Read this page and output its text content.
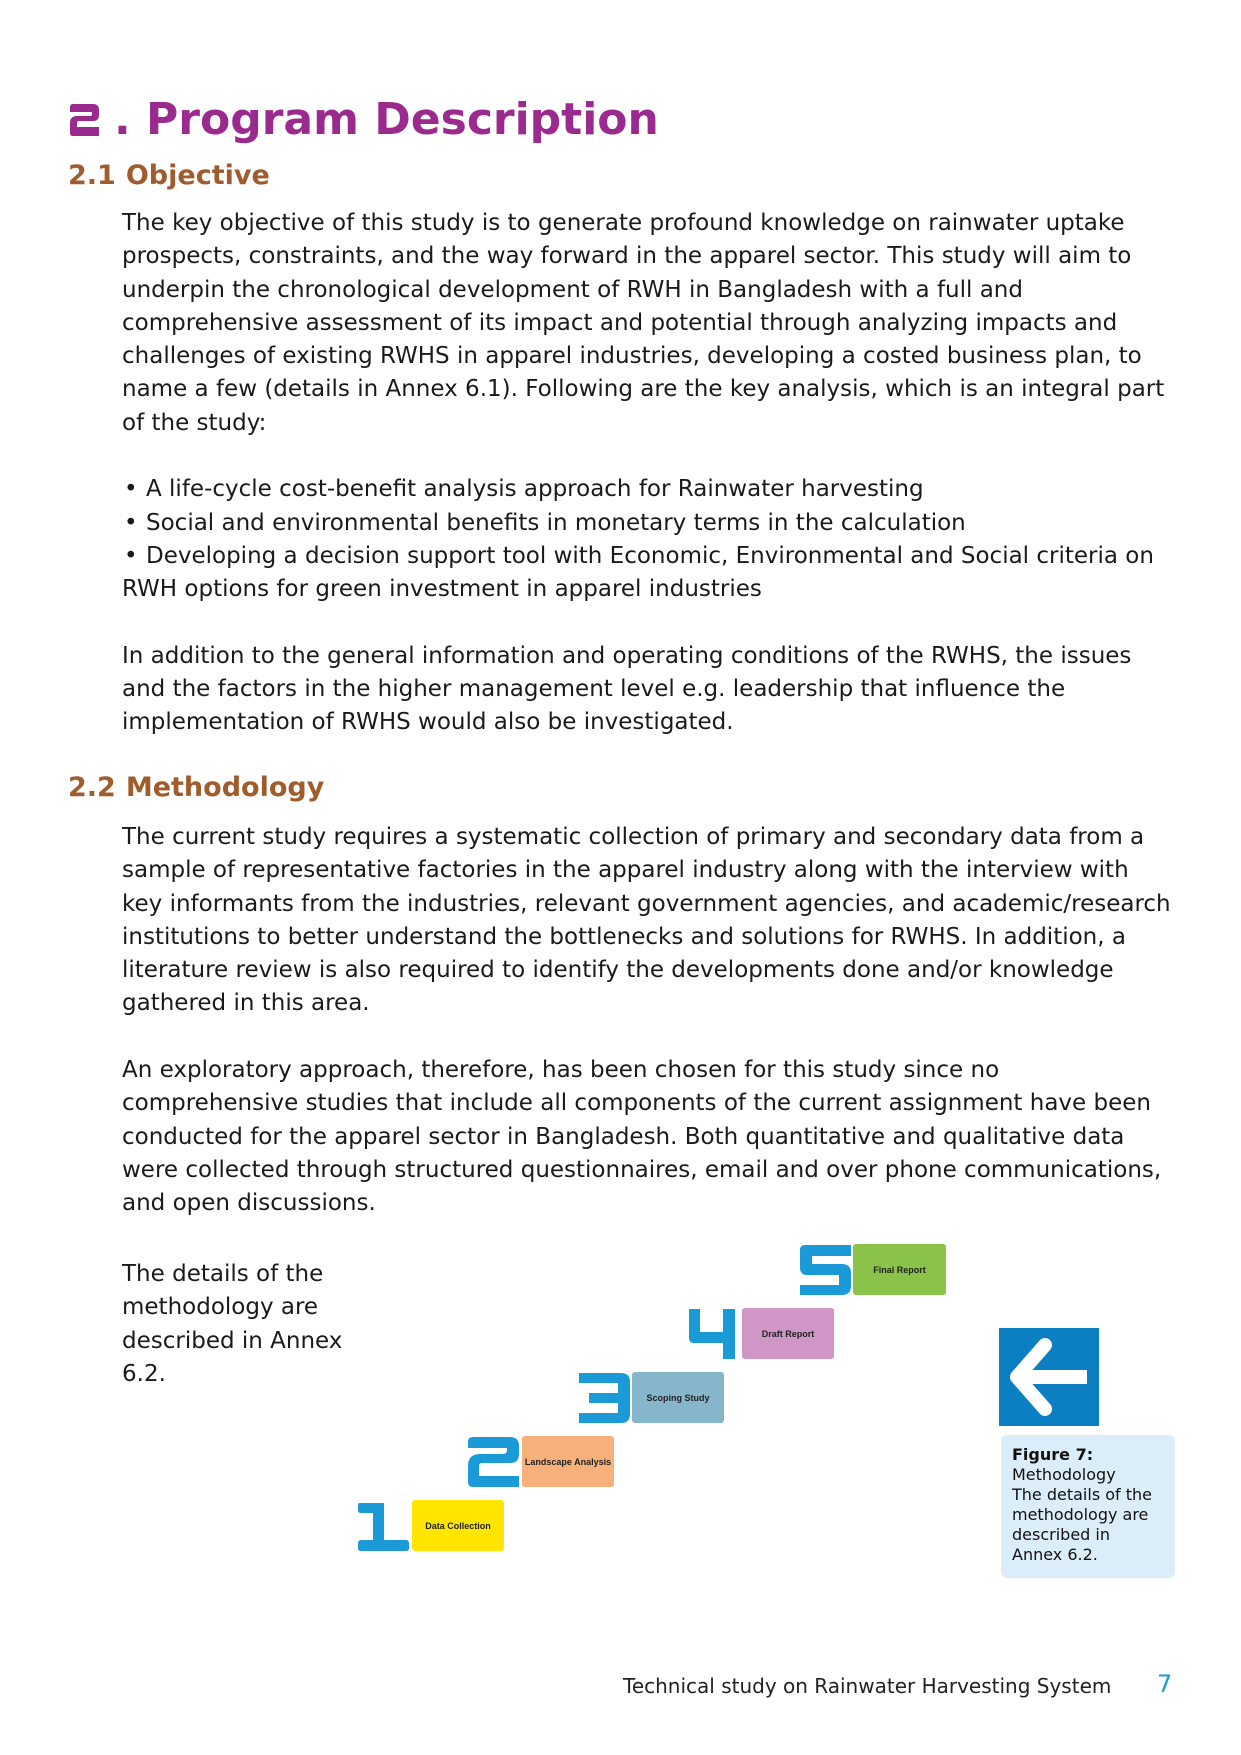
. Program Description
2.1 Objective

The key objective of this study is to generate profound knowledge on rainwater uptake prospects, constraints, and the way forward in the apparel sector. This study will aim to underpin the chronological development of RWH in Bangladesh with a full and comprehensive assessment of its impact and potential through analyzing impacts and challenges of existing RWHS in apparel industries, developing a costed business plan, to name a few (details in Annex 6.1). Following are the key analysis, which is an integral part of the study:

• A life-cycle cost-benefit analysis approach for Rainwater harvesting
• Social and environmental benefits in monetary terms in the calculation
• Developing a decision support tool with Economic, Environmental and Social criteria on RWH options for green investment in apparel industries

In addition to the general information and operating conditions of the RWHS, the issues and the factors in the higher management level e.g. leadership that influence the implementation of RWHS would also be investigated.

2.2 Methodology

The current study requires a systematic collection of primary and secondary data from a sample of representative factories in the apparel industry along with the interview with key informants from the industries, relevant government agencies, and academic/research institutions to better understand the bottlenecks and solutions for RWHS. In addition, a literature review is also required to identify the developments done and/or knowledge gathered in this area.

An exploratory approach, therefore, has been chosen for this study since no comprehensive studies that include all components of the current assignment have been conducted for the apparel sector in Bangladesh. Both quantitative and qualitative data were collected through structured questionnaires, email and over phone communications, and open discussions.

The details of the methodology are described in Annex 6.2.
Data Collection
Landscape Analysis
Scoping Study
Draft Report
Final Report
Figure 7:
Methodology
The details of the methodology are described in Annex 6.2.
Technical study on Rainwater Harvesting System 7
